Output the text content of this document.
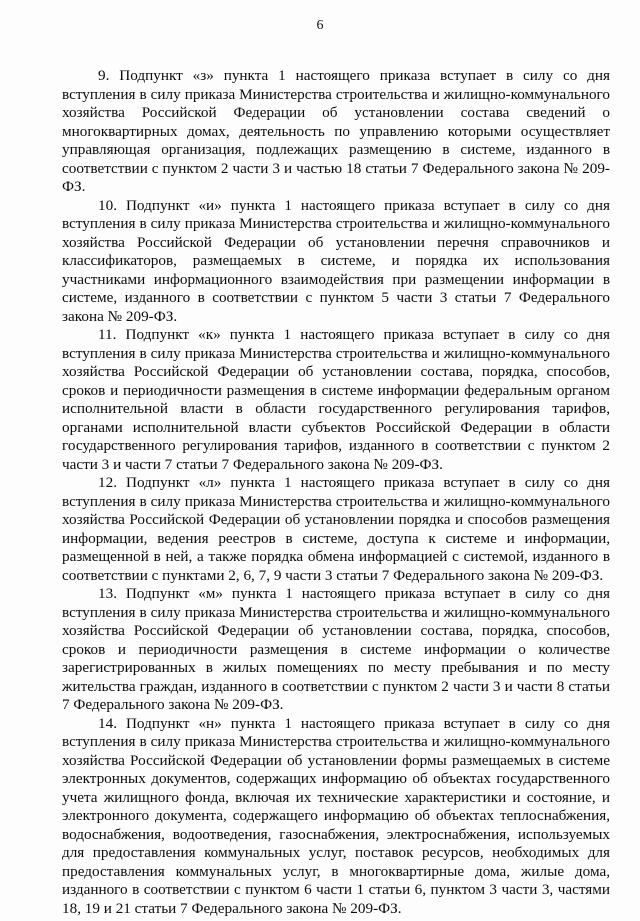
6

9. Подпункт «з» пункта 1 настоящего приказа вступает в силу со дня вступления в силу приказа Министерства строительства и жилищно-коммунального хозяйства Российской Федерации об установлении состава сведений о многоквартирных домах, деятельность по управлению которыми осуществляет управляющая организация, подлежащих размещению в системе, изданного в соответствии с пунктом 2 части 3 и частью 18 статьи 7 Федерального закона № 209-ФЗ.

10. Подпункт «и» пункта 1 настоящего приказа вступает в силу со дня вступления в силу приказа Министерства строительства и жилищно-коммунального хозяйства Российской Федерации об установлении перечня справочников и классификаторов, размещаемых в системе, и порядка их использования участниками информационного взаимодействия при размещении информации в системе, изданного в соответствии с пунктом 5 части 3 статьи 7 Федерального закона № 209-ФЗ.

11. Подпункт «к» пункта 1 настоящего приказа вступает в силу со дня вступления в силу приказа Министерства строительства и жилищно-коммунального хозяйства Российской Федерации об установлении состава, порядка, способов, сроков и периодичности размещения в системе информации федеральным органом исполнительной власти в области государственного регулирования тарифов, органами исполнительной власти субъектов Российской Федерации в области государственного регулирования тарифов, изданного в соответствии с пунктом 2 части 3 и части 7 статьи 7 Федерального закона № 209-ФЗ.

12. Подпункт «л» пункта 1 настоящего приказа вступает в силу со дня вступления в силу приказа Министерства строительства и жилищно-коммунального хозяйства Российской Федерации об установлении порядка и способов размещения информации, ведения реестров в системе, доступа к системе и информации, размещенной в ней, а также порядка обмена информацией с системой, изданного в соответствии с пунктами 2, 6, 7, 9 части 3 статьи 7 Федерального закона № 209-ФЗ.

13. Подпункт «м» пункта 1 настоящего приказа вступает в силу со дня вступления в силу приказа Министерства строительства и жилищно-коммунального хозяйства Российской Федерации об установлении состава, порядка, способов, сроков и периодичности размещения в системе информации о количестве зарегистрированных в жилых помещениях по месту пребывания и по месту жительства граждан, изданного в соответствии с пунктом 2 части 3 и части 8 статьи 7 Федерального закона № 209-ФЗ.

14. Подпункт «н» пункта 1 настоящего приказа вступает в силу со дня вступления в силу приказа Министерства строительства и жилищно-коммунального хозяйства Российской Федерации об установлении формы размещаемых в системе электронных документов, содержащих информацию об объектах государственного учета жилищного фонда, включая их технические характеристики и состояние, и электронного документа, содержащего информацию об объектах теплоснабжения, водоснабжения, водоотведения, газоснабжения, электроснабжения, используемых для предоставления коммунальных услуг, поставок ресурсов, необходимых для предоставления коммунальных услуг, в многоквартирные дома, жилые дома, изданного в соответствии с пунктом 6 части 1 статьи 6, пунктом 3 части 3, частями 18, 19 и 21 статьи 7 Федерального закона № 209-ФЗ.
